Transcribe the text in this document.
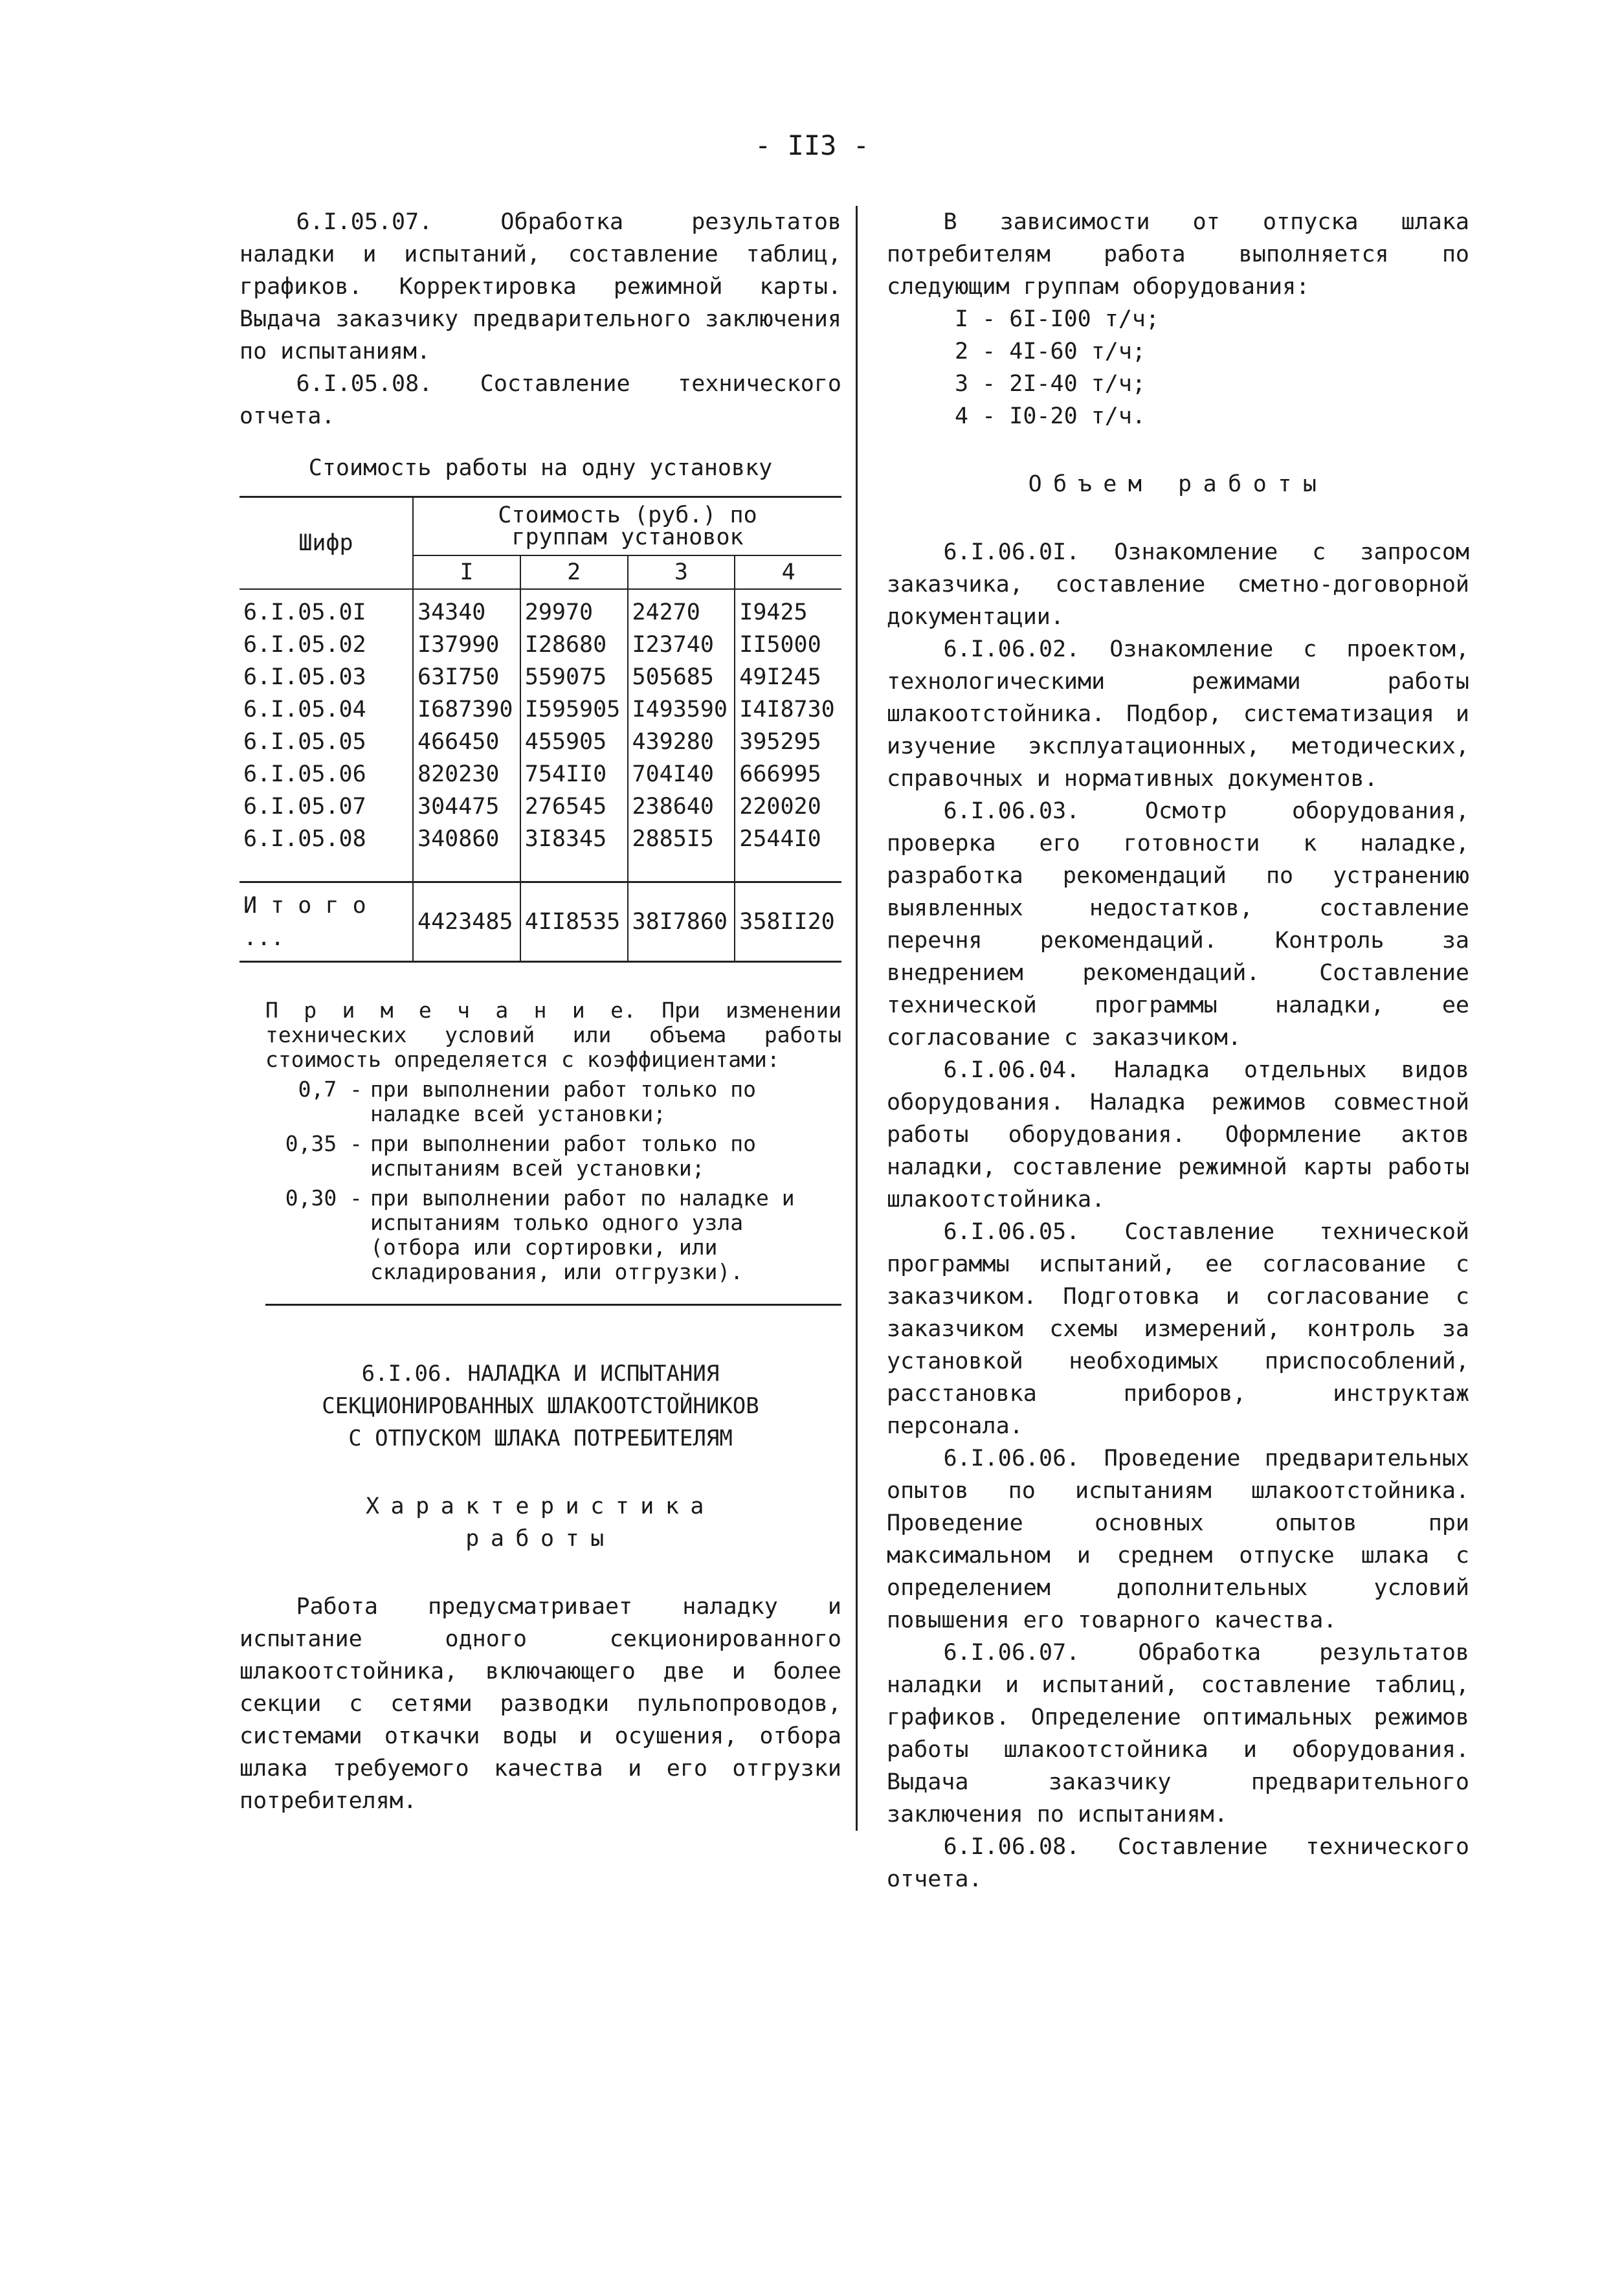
- II3 -

6.I.05.07. Обработка результатов наладки и испытаний, составление таблиц, графиков. Корректировка режимной карты. Выдача заказчику предварительного заключения по испытаниям.

6.I.05.08. Составление технического отчета.

Стоимость работы на одну установку

Шифр	Стоимость (руб.) по группам установок			
	I	2	3	4
6.I.05.0I	34340	29970	24270	I9425
6.I.05.02	I37990	I28680	I23740	II5000
6.I.05.03	63I750	559075	505685	49I245
6.I.05.04	I687390	I595905	I493590	I4I8730
6.I.05.05	466450	455905	439280	395295
6.I.05.06	820230	754II0	704I40	666995
6.I.05.07	304475	276545	238640	220020
6.I.05.08	340860	3I8345	2885I5	2544I0
И т о г о ...	4423485	4II8535	38I7860	358II20

П р и м е ч а н и е. При изменении технических условий или объема работы стоимость определяется с коэффициентами:

0,7 - при выполнении работ только по наладке всей установки;
0,35 - при выполнении работ только по испытаниям всей установки;
0,30 - при выполнении работ по наладке и испытаниям только одного узла (отбора или сортировки, или складирования, или отгрузки).
6.I.06. НАЛАДКА И ИСПЫТАНИЯ
СЕКЦИОНИРОВАННЫХ ШЛАКООТСТОЙНИКОВ
С ОТПУСКОМ ШЛАКА ПОТРЕБИТЕЛЯМ

Характеристика

работы

Работа предусматривает наладку и испытание одного секционированного шлакоотстойника, включающего две и более секции с сетями разводки пульпопроводов, системами откачки воды и осушения, отбора шлака требуемого качества и его отгрузки потребителям.

В зависимости от отпуска шлака потребителям работа выполняется по следующим группам оборудования:

I - 6I-I00 т/ч;
2 - 4I-60 т/ч;
3 - 2I-40 т/ч;
4 - I0-20 т/ч.

Объем работы

6.I.06.0I. Ознакомление с запросом заказчика, составление сметно-договорной документации.

6.I.06.02. Ознакомление с проектом, технологическими режимами работы шлакоотстойника. Подбор, систематизация и изучение эксплуатационных, методических, справочных и нормативных документов.

6.I.06.03. Осмотр оборудования, проверка его готовности к наладке, разработка рекомендаций по устранению выявленных недостатков, составление перечня рекомендаций. Контроль за внедрением рекомендаций. Составление технической программы наладки, ее согласование с заказчиком.

6.I.06.04. Наладка отдельных видов оборудования. Наладка режимов совместной работы оборудования. Оформление актов наладки, составление режимной карты работы шлакоотстойника.

6.I.06.05. Составление технической программы испытаний, ее согласование с заказчиком. Подготовка и согласование с заказчиком схемы измерений, контроль за установкой необходимых приспособлений, расстановка приборов, инструктаж персонала.

6.I.06.06. Проведение предварительных опытов по испытаниям шлакоотстойника. Проведение основных опытов при максимальном и среднем отпуске шлака с определением дополнительных условий повышения его товарного качества.

6.I.06.07. Обработка результатов наладки и испытаний, составление таблиц, графиков. Определение оптимальных режимов работы шлакоотстойника и оборудования. Выдача заказчику предварительного заключения по испытаниям.

6.I.06.08. Составление технического отчета.
